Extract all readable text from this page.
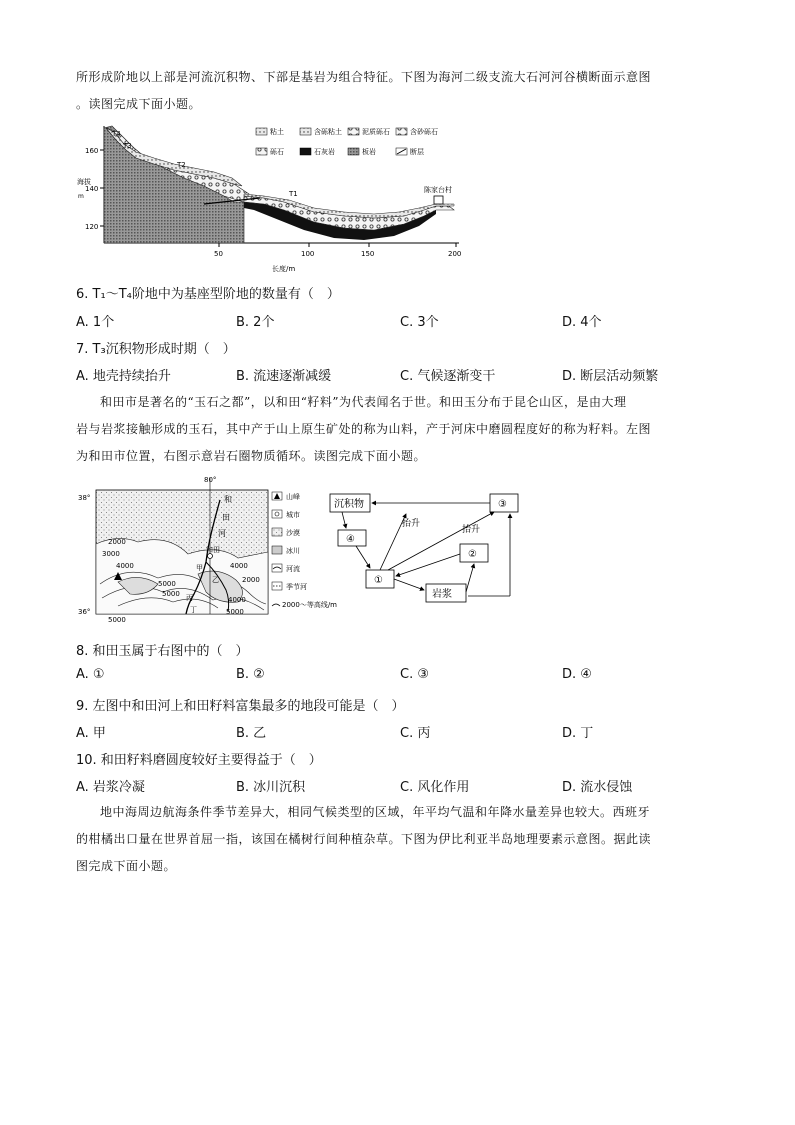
所形成阶地以上部是河流沉积物、下部是基岩为组合特征。下图为海河二级支流大石河河谷横断面示意图
。读图完成下面小题。
160
140
120
海拔
m
50	100	150	200
长度/m
T4
T3
T2
T1	陈家台村
粘土	含砾粘土	泥质砾石	含砂砾石
砾石	石灰岩	板岩	断层
6. T₁～T₄阶地中为基座型阶地的数量有（　）
A. 1个	B. 2个	C. 3个	D. 4个
7. T₃沉积物形成时期（　）
A. 地壳持续抬升	B. 流速逐渐减缓	C. 气候逐渐变干	D. 断层活动频繁
和田市是著名的“玉石之都”，以和田“籽料”为代表闻名于世。和田玉分布于昆仑山区，是由大理
岩与岩浆接触形成的玉石，其中产于山上原生矿处的称为山料，产于河床中磨圆程度好的称为籽料。左图
为和田市位置，右图示意岩石圈物质循环。读图完成下面小题。
38°
36°
80°
和
田
河
和田
2000
3000
4000
5000
4000
2000
5000
5000
4000
5000
甲
乙
丙
丁
山峰
城市
沙漠
冰川
河流
季节河
2000～等高线/m
沉积物	③
④
②
①
岩浆
抬升
抬升
8. 和田玉属于右图中的（　）
A. ①	B. ②	C. ③	D. ④
9. 左图中和田河上和田籽料富集最多的地段可能是（　）
A. 甲	B. 乙	C. 丙	D. 丁
10. 和田籽料磨圆度较好主要得益于（　）
A. 岩浆冷凝	B. 冰川沉积	C. 风化作用	D. 流水侵蚀
地中海周边航海条件季节差异大，相同气候类型的区域，年平均气温和年降水量差异也较大。西班牙
的柑橘出口量在世界首屈一指，该国在橘树行间种植杂草。下图为伊比利亚半岛地理要素示意图。据此读
图完成下面小题。
